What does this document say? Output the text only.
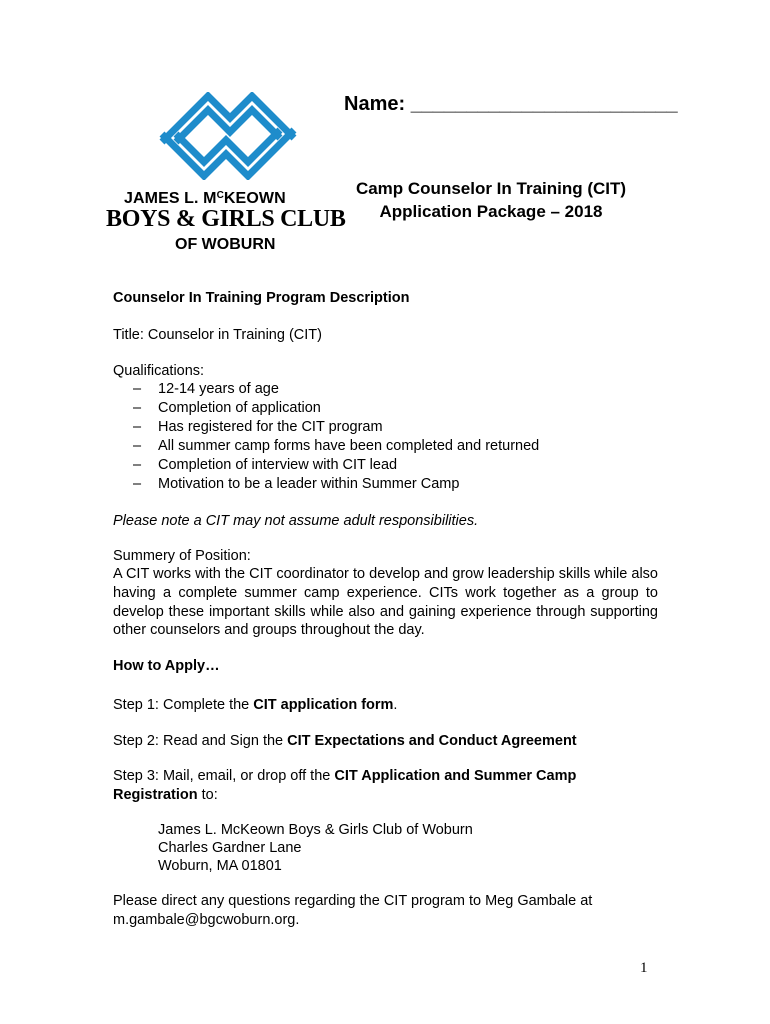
JAMES L. $M^CKEOWN$
BOYS & GIRLS CLUB
OF WOBURN
Name: ________________________
Camp Counselor In Training (CIT)
Application Package – 2018
Counselor In Training Program Description
Title: Counselor in Training (CIT)
Qualifications:
– 12-14 years of age
– Completion of application
– Has registered for the CIT program
– All summer camp forms have been completed and returned
– Completion of interview with CIT lead
– Motivation to be a leader within Summer Camp
Please note a CIT may not assume adult responsibilities.
Summery of Position:
A CIT works with the CIT coordinator to develop and grow leadership skills while also having a complete summer camp experience. CITs work together as a group to develop these important skills while also and gaining experience through supporting other counselors and groups throughout the day.
How to Apply…
Step 1: Complete the CIT application form.
Step 2: Read and Sign the CIT Expectations and Conduct Agreement
Step 3: Mail, email, or drop off the CIT Application and Summer Camp
Registration to:
James L. McKeown Boys & Girls Club of Woburn
Charles Gardner Lane
Woburn, MA 01801
Please direct any questions regarding the CIT program to Meg Gambale at
m.gambale@bgcwoburn.org.
1
